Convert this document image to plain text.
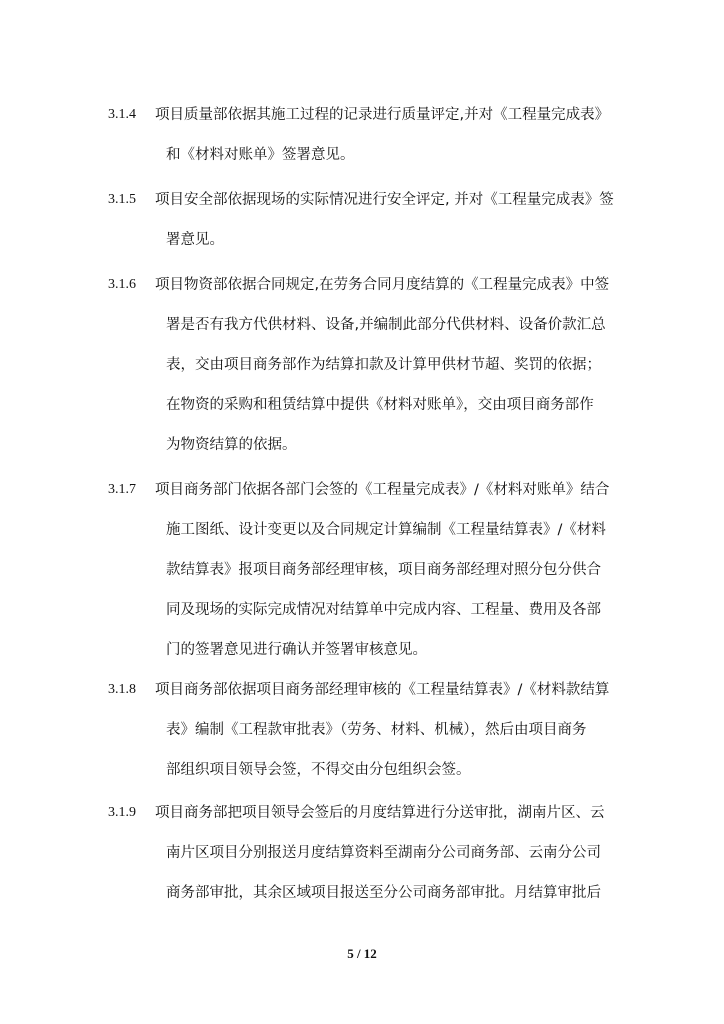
3.1.4 项目质量部依据其施工过程的记录进行质量评定,并对《工程量完成表》
和《材料对账单》签署意见。
3.1.5 项目安全部依据现场的实际情况进行安全评定, 并对《工程量完成表》签
署意见。
3.1.6 项目物资部依据合同规定,在劳务合同月度结算的《工程量完成表》中签
署是否有我方代供材料、设备,并编制此部分代供材料、设备价款汇总
表，交由项目商务部作为结算扣款及计算甲供材节超、奖罚的依据；
在物资的采购和租赁结算中提供《材料对账单》，交由项目商务部作
为物资结算的依据。
3.1.7 项目商务部门依据各部门会签的《工程量完成表》/《材料对账单》结合
施工图纸、设计变更以及合同规定计算编制《工程量结算表》/《材料
款结算表》报项目商务部经理审核，项目商务部经理对照分包分供合
同及现场的实际完成情况对结算单中完成内容、工程量、费用及各部
门的签署意见进行确认并签署审核意见。
3.1.8 项目商务部依据项目商务部经理审核的《工程量结算表》/《材料款结算
表》编制《工程款审批表》（劳务、材料、机械），然后由项目商务
部组织项目领导会签，不得交由分包组织会签。
3.1.9 项目商务部把项目领导会签后的月度结算进行分送审批，湖南片区、云
南片区项目分别报送月度结算资料至湖南分公司商务部、云南分公司
商务部审批，其余区域项目报送至分公司商务部审批。月结算审批后
5 / 12
